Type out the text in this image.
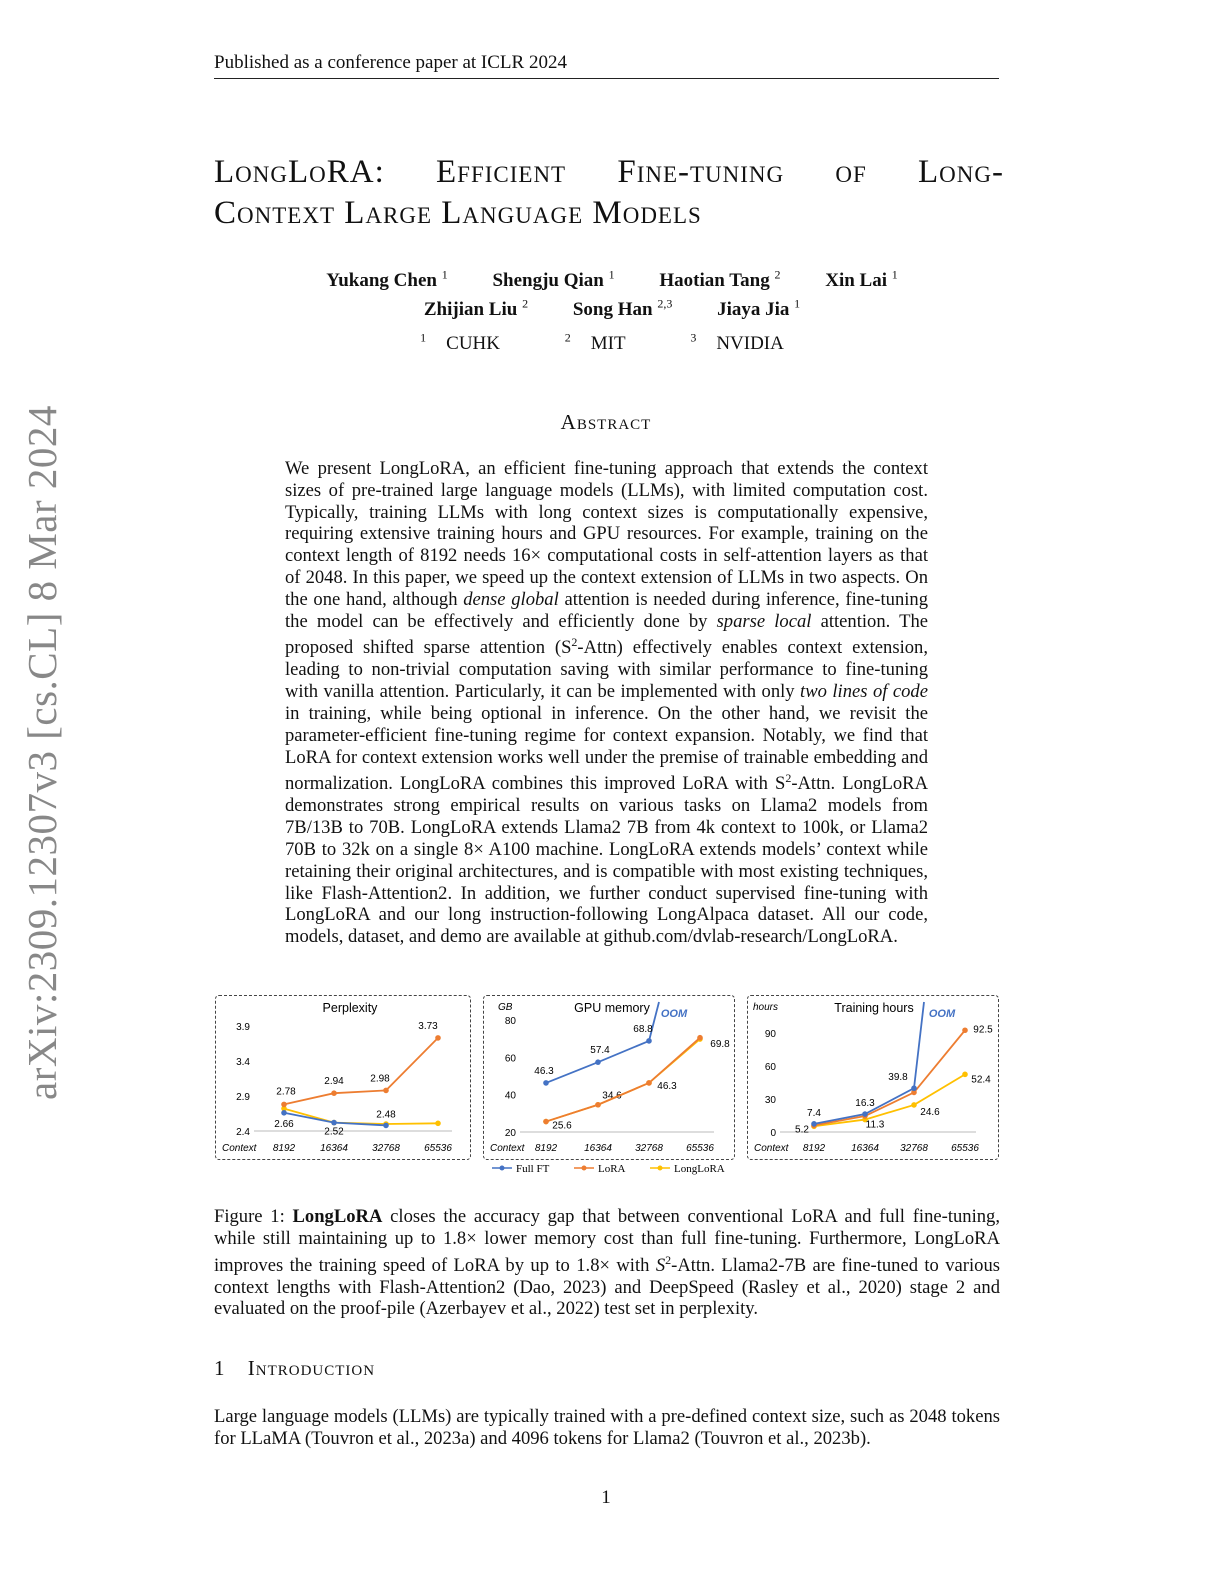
Published as a conference paper at ICLR 2024
LongLoRA: Efficient Fine-tuning of Long-
Context Large Language Models
Yukang Chen $^1$ Shengju Qian $^1$ Haotian Tang $^2$ Xin Lai $^1$
Zhijian Liu $^2$ Song Han $^{2,3}$ Jiaya Jia $^1$
$^1$ CUHK	$^2$ MIT	$^3$ NVIDIA
arXiv:2309.12307v3 [cs.CL] 8 Mar 2024	Abstract
We present LongLoRA, an efficient fine-tuning approach that extends the context sizes of pre-trained large language models (LLMs), with limited computation cost. Typically, training LLMs with long context sizes is computationally expensive, requiring extensive training hours and GPU resources. For example, training on the context length of 8192 needs 16× computational costs in self-attention layers as that of 2048. In this paper, we speed up the context extension of LLMs in two aspects. On the one hand, although dense global attention is needed during inference, fine-tuning the model can be effectively and efficiently done by sparse local attention. The proposed shifted sparse attention $(S^2-Attn)$ effectively enables context extension, leading to non-trivial computation saving with similar performance to fine-tuning with vanilla attention. Particularly, it can be implemented with only two lines of code in training, while being optional in inference. On the other hand, we revisit the parameter-efficient fine-tuning regime for context expansion. Notably, we find that LoRA for context extension works well under the premise of trainable embedding and normalization. LongLoRA combines this improved LoRA with $S^2$-Attn. LongLoRA demonstrates strong empirical results on various tasks on Llama2 models from 7B/13B to 70B. LongLoRA extends Llama2 7B from 4k context to 100k, or Llama2 70B to 32k on a single 8× A100 machine. LongLoRA extends models’ context while retaining their original architectures, and is compatible with most existing techniques, like Flash-Attention2. In addition, we further conduct supervised fine-tuning with LongLoRA and our long instruction-following LongAlpaca dataset. All our code, models, dataset, and demo are available at github.com/dvlab-research/LongLoRA.
Perplexity
2.4
2.9
3.4
3.9
Context 8192 16364 32768 65536
2.78
2.94	2.98
3.73
2.66
2.52
2.48
GPU memory
GB
20
40
60
80
Context 8192	16364 32768 65536
25.6
34.6
46.3
69.8
46.3
57.4
68.8
OOM	Training hours
hours
0
30
60
90
Context 8192	16364 32768 65536
5.2	11.3
24.6
52.4
92.5
7.4
16.3
39.8
OOM
Full FT	LoRA	LongLoRA
Figure 1: LongLoRA closes the accuracy gap that between conventional LoRA and full fine-tuning, while still maintaining up to 1.8× lower memory cost than full fine-tuning. Furthermore, LongLoRA improves the training speed of LoRA by up to 1.8× with $S^2$-Attn. Llama2-7B are fine-tuned to various context lengths with Flash-Attention2 (Dao, 2023) and DeepSpeed (Rasley et al., 2020) stage 2 and evaluated on the proof-pile (Azerbayev et al., 2022) test set in perplexity.
1 Introduction
Large language models (LLMs) are typically trained with a pre-defined context size, such as 2048 tokens for LLaMA (Touvron et al., 2023a) and 4096 tokens for Llama2 (Touvron et al., 2023b).
1
